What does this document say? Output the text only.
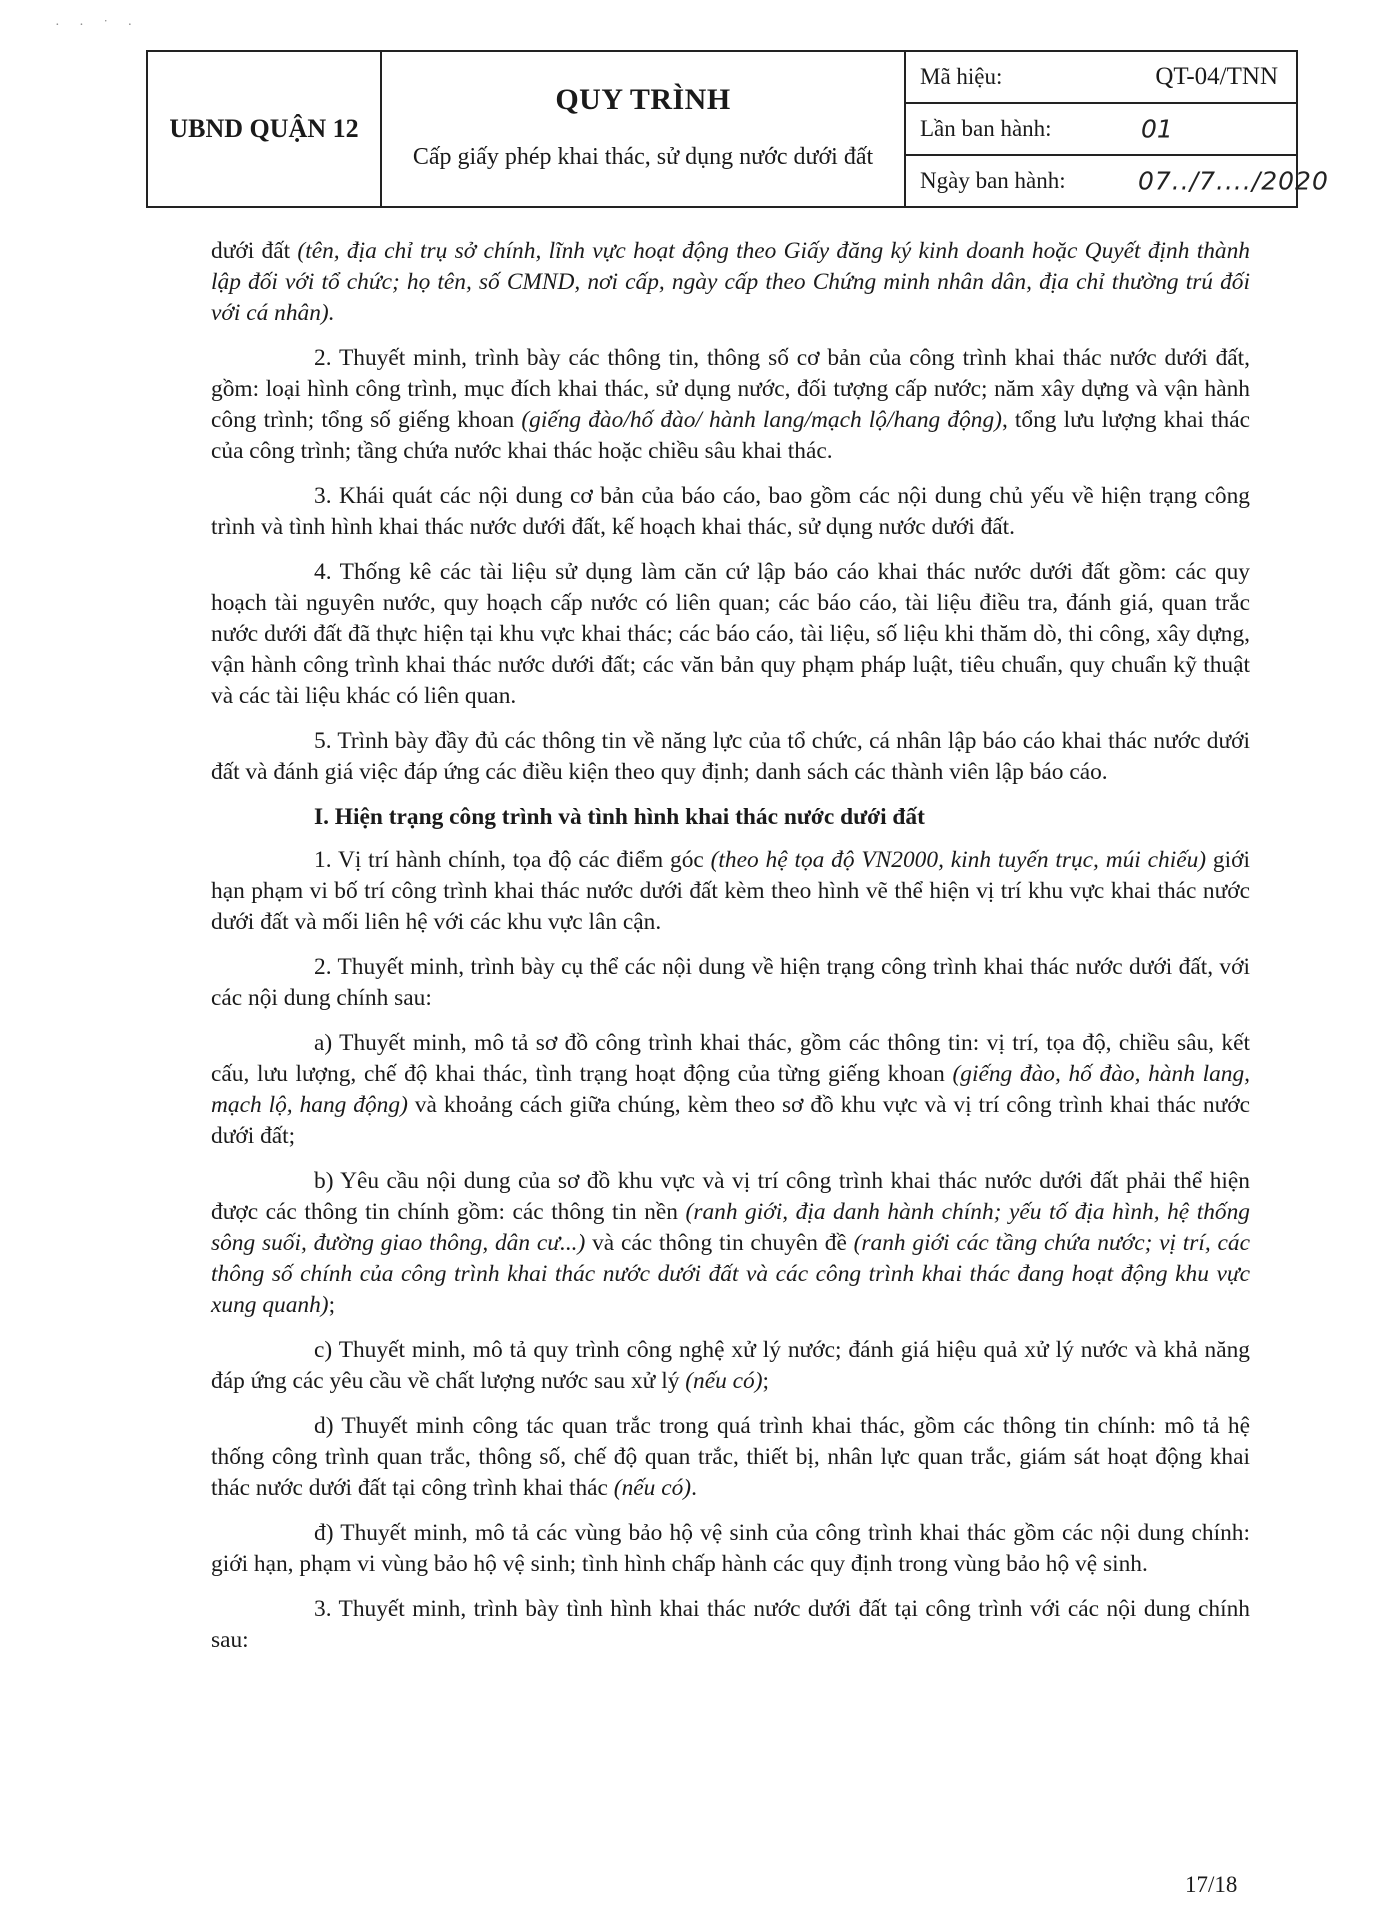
· · ˙ ·
UBND QUẬN 12	
QUY TRÌNH
Cấp giấy phép khai thác, sử dụng nước dưới đất

Mã hiệu:	QT-04/TNN

Lần ban hành:	01

Ngày ban hành:	07../7..../2020

dưới đất (tên, địa chỉ trụ sở chính, lĩnh vực hoạt động theo Giấy đăng ký kinh doanh hoặc Quyết định thành lập đối với tổ chức; họ tên, số CMND, nơi cấp, ngày cấp theo Chứng minh nhân dân, địa chỉ thường trú đối với cá nhân).

2. Thuyết minh, trình bày các thông tin, thông số cơ bản của công trình khai thác nước dưới đất, gồm: loại hình công trình, mục đích khai thác, sử dụng nước, đối tượng cấp nước; năm xây dựng và vận hành công trình; tổng số giếng khoan (giếng đào/hố đào/ hành lang/mạch lộ/hang động), tổng lưu lượng khai thác của công trình; tầng chứa nước khai thác hoặc chiều sâu khai thác.

3. Khái quát các nội dung cơ bản của báo cáo, bao gồm các nội dung chủ yếu về hiện trạng công trình và tình hình khai thác nước dưới đất, kế hoạch khai thác, sử dụng nước dưới đất.

4. Thống kê các tài liệu sử dụng làm căn cứ lập báo cáo khai thác nước dưới đất gồm: các quy hoạch tài nguyên nước, quy hoạch cấp nước có liên quan; các báo cáo, tài liệu điều tra, đánh giá, quan trắc nước dưới đất đã thực hiện tại khu vực khai thác; các báo cáo, tài liệu, số liệu khi thăm dò, thi công, xây dựng, vận hành công trình khai thác nước dưới đất; các văn bản quy phạm pháp luật, tiêu chuẩn, quy chuẩn kỹ thuật và các tài liệu khác có liên quan.

5. Trình bày đầy đủ các thông tin về năng lực của tổ chức, cá nhân lập báo cáo khai thác nước dưới đất và đánh giá việc đáp ứng các điều kiện theo quy định; danh sách các thành viên lập báo cáo.

I. Hiện trạng công trình và tình hình khai thác nước dưới đất

1. Vị trí hành chính, tọa độ các điểm góc (theo hệ tọa độ VN2000, kinh tuyến trục, múi chiếu) giới hạn phạm vi bố trí công trình khai thác nước dưới đất kèm theo hình vẽ thể hiện vị trí khu vực khai thác nước dưới đất và mối liên hệ với các khu vực lân cận.

2. Thuyết minh, trình bày cụ thể các nội dung về hiện trạng công trình khai thác nước dưới đất, với các nội dung chính sau:

a) Thuyết minh, mô tả sơ đồ công trình khai thác, gồm các thông tin: vị trí, tọa độ, chiều sâu, kết cấu, lưu lượng, chế độ khai thác, tình trạng hoạt động của từng giếng khoan (giếng đào, hố đào, hành lang, mạch lộ, hang động) và khoảng cách giữa chúng, kèm theo sơ đồ khu vực và vị trí công trình khai thác nước dưới đất;

b) Yêu cầu nội dung của sơ đồ khu vực và vị trí công trình khai thác nước dưới đất phải thể hiện được các thông tin chính gồm: các thông tin nền (ranh giới, địa danh hành chính; yếu tố địa hình, hệ thống sông suối, đường giao thông, dân cư...) và các thông tin chuyên đề (ranh giới các tầng chứa nước; vị trí, các thông số chính của công trình khai thác nước dưới đất và các công trình khai thác đang hoạt động khu vực xung quanh);

c) Thuyết minh, mô tả quy trình công nghệ xử lý nước; đánh giá hiệu quả xử lý nước và khả năng đáp ứng các yêu cầu về chất lượng nước sau xử lý (nếu có);

d) Thuyết minh công tác quan trắc trong quá trình khai thác, gồm các thông tin chính: mô tả hệ thống công trình quan trắc, thông số, chế độ quan trắc, thiết bị, nhân lực quan trắc, giám sát hoạt động khai thác nước dưới đất tại công trình khai thác (nếu có).

đ) Thuyết minh, mô tả các vùng bảo hộ vệ sinh của công trình khai thác gồm các nội dung chính: giới hạn, phạm vi vùng bảo hộ vệ sinh; tình hình chấp hành các quy định trong vùng bảo hộ vệ sinh.

3. Thuyết minh, trình bày tình hình khai thác nước dưới đất tại công trình với các nội dung chính sau:

17/18
